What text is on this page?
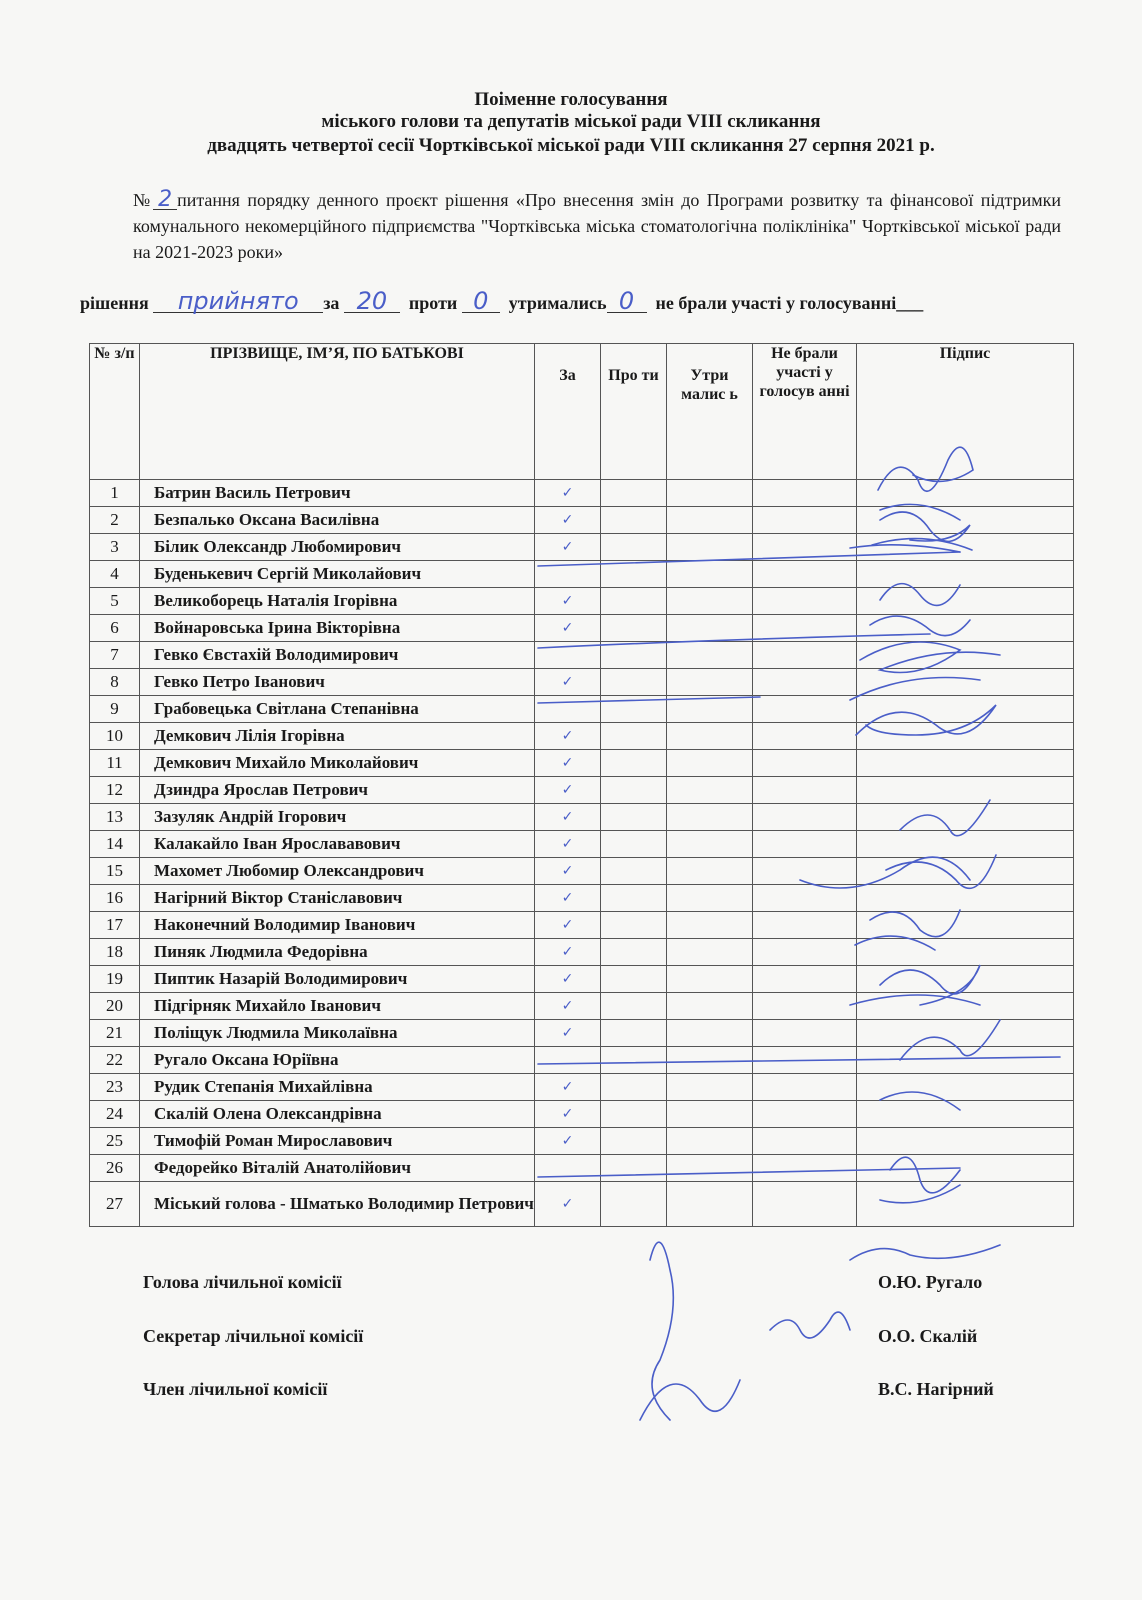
Поіменне голосування
міського голови та депутатів міської ради VIII скликання
двадцять четвертої сесії Чортківської міської ради VIII скликання 27 серпня 2021 р.
№ 2 питання порядку денного проєкт рішення «Про внесення змін до Програми розвитку та фінансової підтримки комунального некомерційного підприємства "Чортківська міська стоматологічна поліклініка" Чортківської міської ради на 2021-2023 роки»
рішення прийнято за 20 проти 0 утримались 0 не брали участі у голосуванні___
№ з/п	ПРІЗВИЩЕ, ІМ’Я, ПО БАТЬКОВІ	За	Про ти	Утри малис ь	Не брали участі у голосув анні	Підпис
1	Батрин Василь Петрович	✓				
2	Безпалько Оксана Василівна	✓				
3	Білик Олександр Любомирович	✓				
4	Буденькевич Сергій Миколайович					
5	Великоборець Наталія Ігорівна	✓				
6	Войнаровська Ірина Вікторівна	✓				
7	Гевко Євстахій Володимирович					
8	Гевко Петро Іванович	✓				
9	Грабовецька Світлана Степанівна					
10	Демкович Лілія Ігорівна	✓				
11	Демкович Михайло Миколайович	✓				
12	Дзиндра Ярослав Петрович	✓				
13	Зазуляк Андрій Ігорович	✓				
14	Калакайло Іван Ярослававович	✓				
15	Махомет Любомир Олександрович	✓				
16	Нагірний Віктор Станіславович	✓				
17	Наконечний Володимир Іванович	✓				
18	Пиняк Людмила Федорівна	✓				
19	Пиптик Назарій Володимирович	✓				
20	Підгірняк Михайло Іванович	✓				
21	Поліщук Людмила Миколаївна	✓				
22	Ругало Оксана Юріївна					
23	Рудик Степанія Михайлівна	✓				
24	Скалій Олена Олександрівна	✓				
25	Тимофій Роман Мирославович	✓				
26	Федорейко Віталій Анатолійович					
27	Міський голова - Шматько Володимир Петрович	✓				
Голова лічильної комісії	О.Ю. Ругало
Секретар лічильної комісії	О.О. Скалій
Член лічильної комісії	В.С. Нагірний
